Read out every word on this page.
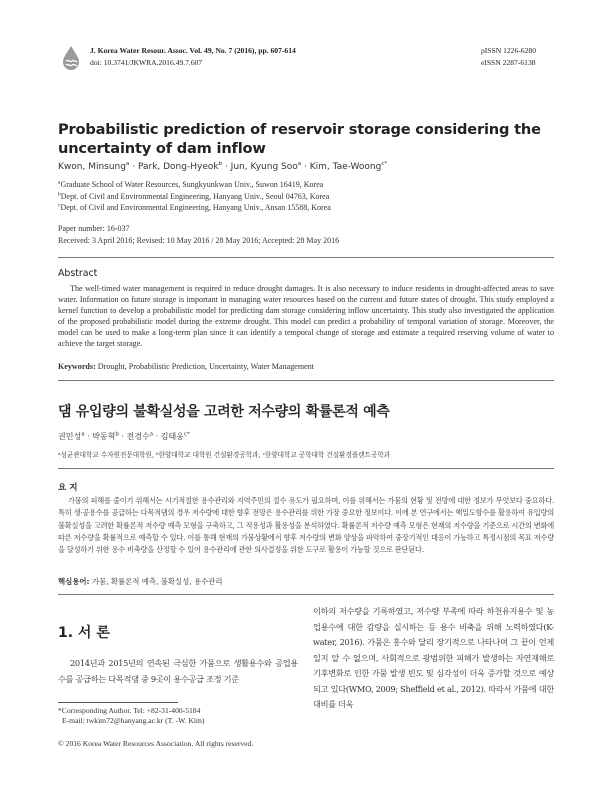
J. Korea Water Resour. Assoc. Vol. 49, No. 7 (2016), pp. 607-614
doi: 10.3741/JKWRA.2016.49.7.607
pISSN 1226-6280
eISSN 2287-6138
Probabilistic prediction of reservoir storage considering the uncertainty of dam inflow
Kwon, Minsung$^a$ · Park, Dong-Hyeok$^b$ · Jun, Kyung Soo$^a$ · Kim, Tae-Woong$^{c*}$
$^a$Graduate School of Water Resources, Sungkyunkwan Univ., Suwon 16419, Korea
$^b$Dept. of Civil and Environmental Engineering, Hanyang Univ., Seoul 04763, Korea
$^c$Dept. of Civil and Environmental Engineering, Hanyang Univ., Ansan 15588, Korea
Paper number: 16-037
Received: 3 April 2016; Revised: 10 May 2016 / 28 May 2016; Accepted: 28 May 2016
Abstract
The well-timed water management is required to reduce drought damages. It is also necessary to induce residents in drought-affected areas to save water. Information on future storage is important in managing water resources based on the current and future states of drought. This study employed a kernel function to develop a probabilistic model for predicting dam storage considering inflow uncertainty. This study also investigated the application of the proposed probabilistic model during the extreme drought. This model can predict a probability of temporal variation of storage. Moreover, the model can be used to make a long-term plan since it can identify a temporal change of storage and estimate a required reserving volume of water to achieve the target storage.
Keywords: Drought, Probabilistic Prediction, Uncertainty, Water Management
댐 유입량의 불확실성을 고려한 저수량의 확률론적 예측
권민성$^a$ · 박동혁$^b$ · 전경수$^a$ · 김태웅$^{c*}$
ᵃ성균관대학교 수자원전문대학원, ᵇ한양대학교 대학원 건설환경공학과, ᶜ한양대학교 공학대학 건설환경플랜트공학과
요 지
가뭄의 피해를 줄이기 위해서는 시기적절한 용수관리와 지역주민의 절수 유도가 필요하며, 이를 위해서는 가뭄의 현황 및 전망에 대한 정보가 무엇보다 중요하다. 특히 생·공용수를 공급하는 다목적댐의 경우 저수량에 대한 향후 전망은 용수관리를 위한 가장 중요한 정보이다. 이에 본 연구에서는 핵밀도함수를 활용하여 유입량의 불확실성을 고려한 확률론적 저수량 예측 모형을 구축하고, 그 적용성과 활용성을 분석하였다. 확률론적 저수량 예측 모형은 현재의 저수량을 기준으로 시간의 변화에 따른 저수량을 확률적으로 예측할 수 있다. 이를 통해 현재의 가뭄상황에서 향후 저수량의 변화 양상을 파악하여 중장기적인 대응이 가능하고 특정시점의 목표 저수량을 달성하기 위한 용수 비축량을 산정할 수 있어 용수관리에 관한 의사결정을 위한 도구로 활용이 가능할 것으로 판단된다.
핵심용어: 가뭄, 확률론적 예측, 불확실성, 용수관리
1. 서 론
2014년과 2015년의 연속된 극심한 가뭄으로 생활용수와 공업용수를 공급하는 다목적댐 중 9곳이 용수공급 조정 기준
이하의 저수량을 기록하였고, 저수량 부족에 따라 하천유지용수 및 농업용수에 대한 감량을 실시하는 등 용수 비축을 위해 노력하였다(K-water, 2016). 가뭄은 홍수와 달리 장기적으로 나타나며 그 끝이 언제일지 알 수 없으며, 사회적으로 광범위한 피해가 발생하는 자연재해로 기후변화로 인한 가뭄 발생 빈도 및 심각성이 더욱 증가할 것으로 예상되고 있다(WMO, 2009; Sheffield et al., 2012). 따라서 가뭄에 대한 대비를 더욱
*Corresponding Author. Tel: +82-31-400-5184
E-mail: twkim72@hanyang.ac.kr (T. -W. Kim)
© 2016 Korea Water Resources Association. All rights reserved.
